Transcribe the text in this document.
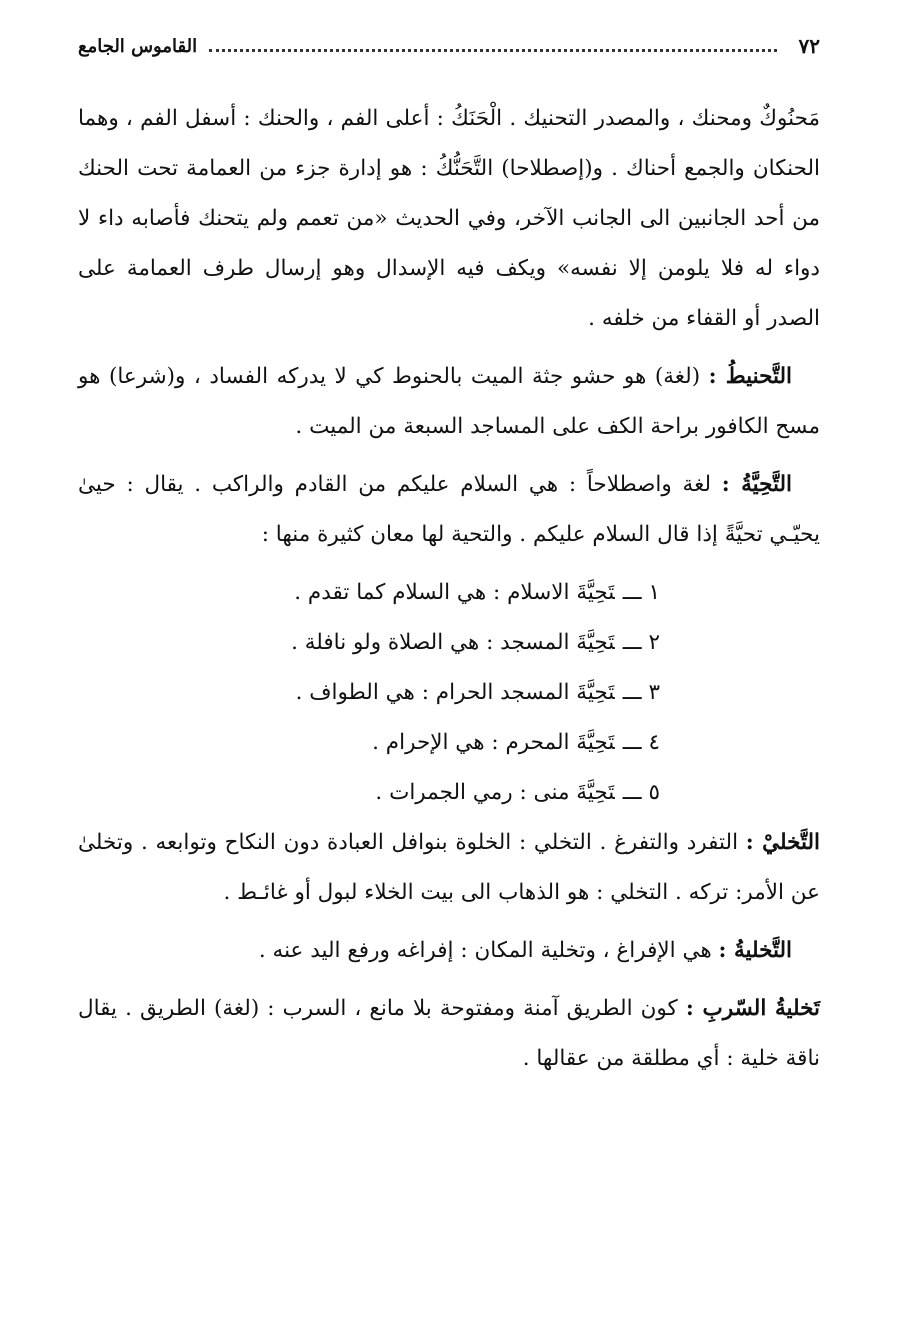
٧٢
القاموس الجامع

مَحنُوكٌ ومحنك ، والمصدر التحنيك . الْحَنَكُ : أعلى الفم ، والحنك : أسفل الفم ، وهما الحنكان والجمع أحناك . و(إصطلاحا) التَّحَنُّكُ : هو إدارة جزء من العمامة تحت الحنك من أحد الجانبين الى الجانب الآخر، وفي الحديث «من تعمم ولم يتحنك فأصابه داء لا دواء له فلا يلومن إلا نفسه» ويكف فيه الإسدال وهو إرسال طرف العمامة على الصدر أو القفاء من خلفه .

التَّحنيطُ : (لغة) هو حشو جثة الميت بالحنوط كي لا يدركه الفساد ، و(شرعا) هو مسح الكافور براحة الكف على المساجد السبعة من الميت .

التَّحِيَّةُ : لغة واصطلاحاً : هي السلام عليكم من القادم والراكب . يقال : حيىٰ يحيّـي تحيَّةً إذا قال السلام عليكم . والتحية لها معان كثيرة منها :

١ ـــتَحِيَّةَ الاسلام : هي السلام كما تقدم .
٢ ـــتَحِيَّةَ المسجد : هي الصلاة ولو نافلة .
٣ ـــتَحِيَّةَ المسجد الحرام : هي الطواف .
٤ ـــتَحِيَّةَ المحرم : هي الإحرام .
٥ ـــتَحِيَّةَ منى : رمي الجمرات .

التَّخليْ : التفرد والتفرغ . التخلي : الخلوة بنوافل العبادة دون النكاح وتوابعه . وتخلىٰ عن الأمر: تركه . التخلي : هو الذهاب الى بيت الخلاء لبول أو غائـط .

التَّخليةُ : هي الإفراغ ، وتخلية المكان : إفراغه ورفع اليد عنه .

تَخليةُ السّربِ : كون الطريق آمنة ومفتوحة بلا مانع ، السرب : (لغة) الطريق . يقال ناقة خلية : أي مطلقة من عقالها .
